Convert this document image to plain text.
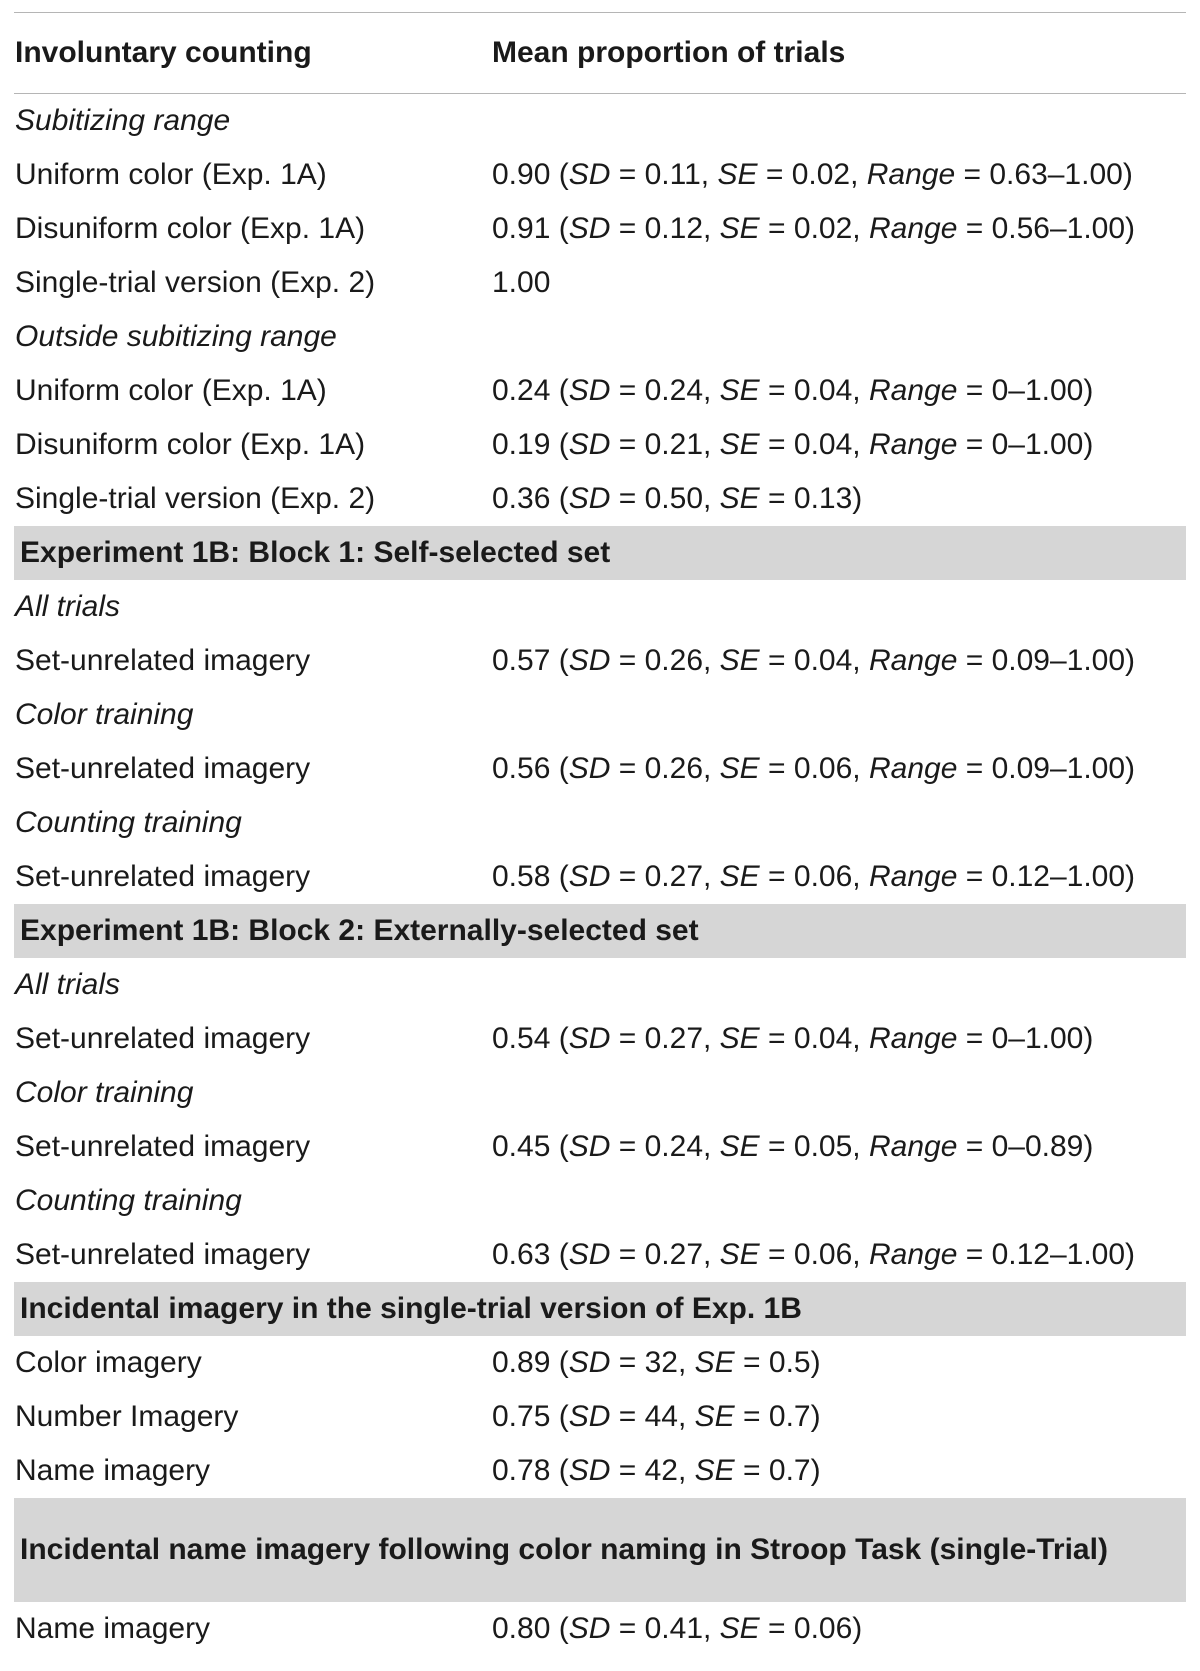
Involuntary counting	Mean proportion of trials
Subitizing range
Uniform color (Exp. 1A)	0.90 (SD = 0.11, SE = 0.02, Range = 0.63–1.00)
Disuniform color (Exp. 1A)	0.91 (SD = 0.12, SE = 0.02, Range = 0.56–1.00)
Single-trial version (Exp. 2)	1.00
Outside subitizing range
Uniform color (Exp. 1A)	0.24 (SD = 0.24, SE = 0.04, Range = 0–1.00)
Disuniform color (Exp. 1A)	0.19 (SD = 0.21, SE = 0.04, Range = 0–1.00)
Single-trial version (Exp. 2)	0.36 (SD = 0.50, SE = 0.13)
Experiment 1B: Block 1: Self-selected set
All trials
Set-unrelated imagery	0.57 (SD = 0.26, SE = 0.04, Range = 0.09–1.00)
Color training
Set-unrelated imagery	0.56 (SD = 0.26, SE = 0.06, Range = 0.09–1.00)
Counting training
Set-unrelated imagery	0.58 (SD = 0.27, SE = 0.06, Range = 0.12–1.00)
Experiment 1B: Block 2: Externally-selected set
All trials
Set-unrelated imagery	0.54 (SD = 0.27, SE = 0.04, Range = 0–1.00)
Color training
Set-unrelated imagery	0.45 (SD = 0.24, SE = 0.05, Range = 0–0.89)
Counting training
Set-unrelated imagery	0.63 (SD = 0.27, SE = 0.06, Range = 0.12–1.00)
Incidental imagery in the single-trial version of Exp. 1B
Color imagery	0.89 (SD = 32, SE = 0.5)
Number Imagery	0.75 (SD = 44, SE = 0.7)
Name imagery	0.78 (SD = 42, SE = 0.7)
Incidental name imagery following color naming in Stroop Task (single-Trial)
Name imagery	0.80 (SD = 0.41, SE = 0.06)
